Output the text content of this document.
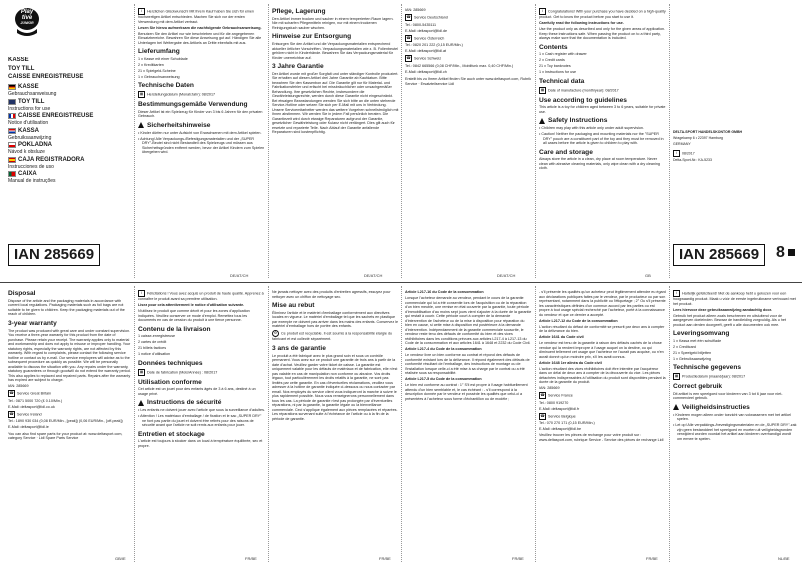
Play
tive
JUNIOR

KASSE

TOY TILL

CAISSE ENREGISTREUSE

KASSE

Gebrauchsanweisung

TOY TILL

Instructions for use

CAISSE ENREGISTREUSE

Notice d'utilisation

KASSA

Gebruiksaanwijzing

POKLADNA

Návod k obsluze

CAJA REGISTRADORA

Instrucciones de uso

CAIXA

Manual de instruções

IAN 285669

i Herzlichen Glückwunsch! Mit Ihrem Kauf haben Sie sich für einen hochwertigen Artikel entschieden. Machen Sie sich vor der ersten Verwendung mit dem Artikel vertraut.

Lesen Sie hierzu aufmerksam die nachfolgende Gebrauchsanweisung.

Benutzen Sie den Artikel nur wie beschrieben und für die angegebenen Einsatzbereiche. Bewahren Sie diese Anweisung gut auf. Händigen Sie alle Unterlagen bei Weitergabe des Artikels an Dritte ebenfalls mit aus.

Lieferumfang

1 x Kasse mit einer Schublade

2 x Kreditkarten

21 x Spielgeld-Scheine

1 x Gebrauchsanweisung

Technische Daten

▦ Herstellungsdatum (Monat/Jahr): 08/2017

Bestimmungsgemäße Verwendung

Dieser Artikel ist ein Spielzeug für Kinder von 3 bis 6 Jahren für den privaten Gebrauch.

Sicherheitshinweise

• Kinder dürfen nur unter Aufsicht von Erwachsenen mit dem Artikel spielen.

• Achtung! Alle Verpackungs-/Befestigungsmaterialien und der „SUPER DRY"-Beutel sind nicht Bestandteil des Spielzeugs und müssen aus Sicherheitsgründen entfernt werden, bevor der Artikel Kindern zum Spielen übergeben wird.

DE/AT/CH
Pflege, Lagerung

Den Artikel immer trocken und sauber in einem temperierten Raum lagern. Nie mit scharfen Pflegemitteln reinigen, nur mit einem trockenen Reinigungstuch sauber wischen.

Hinweise zur Entsorgung

Entsorgen Sie den Artikel und die Verpackungsmaterialien entsprechend aktueller örtlicher Vorschriften. Verpackungsmaterialien wie z. B. Folienbeutel gehören nicht in Kinderhände. Bewahren Sie das Verpackungsmaterial für Kinder unerreichbar auf.

3 Jahre Garantie

Der Artikel wurde mit großer Sorgfalt und unter ständiger Kontrolle produziert. Sie erhalten auf diesen Artikel drei Jahre Garantie ab Kaufdatum. Bitte bewahren Sie den Kassenbon auf. Die Garantie gilt nur für Material- und Fabrikationsfehler und erlischt bei missbräuchlicher oder unsachgemäßer Behandlung. Ihre gesetzlichen Rechte, insbesondere die Gewährleistungsrechte, werden durch diese Garantie nicht eingeschränkt. Bei etwaigen Beanstandungen wenden Sie sich bitte an die unten stehende Service-Hotline oder setzen Sie sich per E-Mail mit uns in Verbindung. Unsere Servicemitarbeiter werden das weitere Vorgehen schnellstmöglich mit Ihnen abstimmen. Wir werden Sie in jedem Fall persönlich beraten. Die Garantiezeit wird durch etwaige Reparaturen aufgrund der Garantie, gesetzlicher Gewährleistung oder Kulanz nicht verlängert. Dies gilt auch für ersetzte und reparierte Teile. Nach Ablauf der Garantie anfallende Reparaturen sind kostenpflichtig.

DE/AT/CH

IAN: 285669

☎ Service Deutschland

Tel.: 0800-5435111

E-Mail: deltasport@lidl.de

☎ Service Österreich

Tel.: 0820 201 222 (0,15 EUR/Min.)

E-Mail: deltasport@lidl.at

☎ Service Schweiz

Tel.: 0842 665566 (0,08 CHF/Min., Mobilfunk max. 0,40 CHF/Min.)

E-Mail: deltasport@lidl.ch

Erstellt bis zu Ihrem Artikel finden Sie auch unter www.deltasport.com, Rubrik Service · Ersatzteilservice Lidl

DE/AT/CH

i Congratulations! With your purchase you have decided on a high-quality product. Get to know the product before you start to use it.

Carefully read the following instructions for use.

Use the product only as described and only for the given areas of application. Keep these instructions safe. When passing the product on to a third party, always make sure that the documentation is included.

Contents

1 x Cash register with drawer

2 x Credit cards

21 x Toy banknotes

1 x Instructions for use

Technical data

▦ Date of manufacture (month/year): 08/2017

Use according to guidelines

This article is a toy for children aged between 3 to 6 years, suitable for private use.

Safety Instructions

• Children may play with this article only under adult supervision.

• Caution! Neither the packaging and mounting materials nor the "SUPER DRY" pouch are a constituent part of the toy and they must be removed in all cases before the article is given to children to play with.

Care and storage

Always store the article in a clean, dry place at room temperature. Never clean with abrasive cleaning materials, only wipe clean with a dry cleaning cloth.

GB

DELTA-SPORT HANDELSKONTOR GMBH

Wragekamp 6 • 22397 Hamburg

GERMANY

i 08/2017

Delta-Sport-Nr.: KA-5233

IAN 285669	8
Disposal

Dispose of the article and the packaging materials in accordance with current local regulations. Packaging materials such as foil bags are not suitable to be given to children. Keep the packaging materials out of the reach of children.

3-year warranty

The product was produced with great care and under constant supervision. You receive a three-year warranty for this product from the date of purchase. Please retain your receipt. The warranty applies only to material and workmanship and does not apply to misuse or improper handling. Your statutory rights, especially the warranty rights, are not affected by this warranty. With regard to complaints, please contact the following service hotline or contact us by e-mail. Our service employees will advise as to the subsequent procedure as quickly as possible. We will be personally available to discuss the situation with you. Any repairs under the warranty, statutory guarantees or through goodwill do not extend the warranty period. This also applies to replaced and repaired parts. Repairs after the warranty has expired are subject to charge.

IAN: 285669

☎ Service Great Britain

Tel.: 0871 5000 720 (£ 0.10/Min.)

E-Mail: deltasport@lidl.co.uk

☎ Service Ireland

Tel.: 1890 930 034 (0,08 EUR/Min., [peak]) (0,06 EUR/Min., [off-peak])

E-Mail: deltasport@lidl.ie

You can also find spare parts for your product at: www.deltasport.com, category Service · Lidl Spare Parts Service

GB/IE

i Félicitations ! Vous avez acquis un produit de haute qualité. Apprenez à connaître le produit avant sa première utilisation.

Lisez pour cela attentivement le notice d'utilisation suivante.

N'utilisez le produit que comme décrit et pour les zones d'application indiquées. Veuillez conserver ce mode d'emploi. Remettez tous les documents en cas de cession du produit à une tierce personne.

Contenu de la livraison

1 caisse-enregistreuse

2 cartes de crédit

21 billets factices

1 notice d'utilisation

Données techniques

▦ Date de fabrication (Mois/Année) : 08/2017

Utilisation conforme

Cet article est un jouet pour des enfants âgés de 3 à 6 ans, destiné à un usage privé.

Instructions de sécurité

• Les enfants ne doivent jouer avec l'article que sous la surveillance d'adultes.

• Attention ! Les matériaux d'emballage / de fixation et le sac „SUPER DRY" ne font pas partie du jouet et doivent être retirés pour des raisons de sécurité avant que l'article ne soit remis aux enfants pour jouer.

Entretien et stockage

L'article est toujours à stocker dans un local à température équilibrée, sec et propre.

FR/BE

Ne jamais nettoyer avec des produits d'entretien agressifs, essuyez pour nettoyer avec un chiffon de nettoyage sec.

Mise au rebut

Éliminez l'article et le matériel d'emballage conformément aux directives locales en vigueur. Le matériel d'emballage tel que les sachets en plastique par exemple ne doivent pas arriver dans les mains des enfants. Conservez le matériel d'emballage hors de portée des enfants.

♻ Ce produit est recyclable. Il est soumis à la responsabilité élargie du fabricant et est collecté séparément.

3 ans de garantie

Le produit a été fabriqué avec le plus grand soin et sous un contrôle permanent. Vous avez sur ce produit une garantie de trois ans à partir de la date d'achat. Veuillez garder votre ticket de caisse. La garantie est uniquement valable pour les défauts de matériaux et de fabrication, elle n'est pas valable en cas de manipulation non conforme ou abusive. Vos droits légaux, tout particulièrement les droits relatifs à la garantie, ne sont pas limités par cette garantie. En cas d'éventuelles réclamations, veuillez vous adresser à la hotline de garantie indiquée ci-dessous ou nous contacter par email. Nos employés du service client vous indiqueront la marche à suivre le plus rapidement possible. Nous vous renseignerons personnellement dans tous les cas. La période de garantie n'est pas prolongée par d'éventuelles réparations, ni par la garantie, la garantie légale ou la bienveillance commerciale. Ceci s'applique également aux pièces remplacées et réparées. Les réparations survenant suite à l'échéance de l'article ou à la fin de la période de garantie.

FR/BE

Article L217-16 du Code de la consommation

Lorsque l'acheteur demande au vendeur, pendant le cours de la garantie commerciale qui lui a été consentie lors de l'acquisition ou de la réparation d'un bien meuble, une remise en état couverte par la garantie, toute période d'immobilisation d'au moins sept jours vient s'ajouter à la durée de la garantie qui restait à courir. Cette période court à compter de la demande d'intervention de l'acheteur ou de la mise à disposition pour réparation du bien en cause, si cette mise à disposition est postérieure à la demande d'intervention. Indépendamment de la garantie commerciale souscrite, le vendeur reste tenu des défauts de conformité du bien et des vices rédhibitoires dans les conditions prévues aux articles L217-4 à L217-13 du Code de la consommation et aux articles 1641 à 1648 et 2232 du Code Civil.

Article L217-4 du Code de la consommation

Le vendeur livre un bien conforme au contrat et répond des défauts de conformité existant lors de la délivrance. Il répond également des défauts de conformité résultant de l'emballage, des instructions de montage ou de l'installation lorsque celle-ci a été mise à sa charge par le contrat ou a été réalisée sous sa responsabilité.

Article L217-5 du Code de la consommation

Le bien est conforme au contrat : 1° S'il est propre à l'usage habituellement attendu d'un bien semblable et, le cas échéant : - s'il correspond à la description donnée par le vendeur et possède les qualités que celui-ci a présentées à l'acheteur sous forme d'échantillon ou de modèle ;

FR/BE

- s'il présente les qualités qu'un acheteur peut légitimement attendre eu égard aux déclarations publiques faites par le vendeur, par le producteur ou par son représentant, notamment dans la publicité ou l'étiquetage ; 2° Ou s'il présente les caractéristiques définies d'un commun accord par les parties ou est propre à tout usage spécial recherché par l'acheteur, porté à la connaissance du vendeur et que ce dernier a accepté.

Article L217-12 du Code de la consommation

L'action résultant du défaut de conformité se prescrit par deux ans à compter de la délivrance du bien.

Article 1641 du Code civil

Le vendeur est tenu de la garantie à raison des défauts cachés de la chose vendue qui la rendent impropre à l'usage auquel on la destine, ou qui diminuent tellement cet usage que l'acheteur ne l'aurait pas acquise, ou n'en aurait donné qu'un moindre prix, s'il les avait connus.

Article 1648 1er alinéa du Code civil

L'action résultant des vices rédhibitoires doit être intentée par l'acquéreur dans un délai de deux ans à compter de la découverte du vice. Les pièces détachées indispensables à l'utilisation du produit sont disponibles pendant la durée de la garantie du produit.

IAN: 285669

☎ Service France

Tel.: 0800 919270

E-Mail: deltasport@lidl.fr

☎ Service Belgique

Tel.: 070 270 171 (0,15 EUR/Min.)

E-Mail: deltasport@lidl.be

Veuillez trouver les pièces de rechange pour votre produit sur : www.deltasport.com, rubrique Service - Service des pièces de rechange Lidl

FR/BE

i Hartelijk gefeliciteerd! Met de aankoop hebt u gekozen voor een hoogwaardig product. Maak u vóór de eerste ingebruikname vertrouwd met het product.

Lees hiervoor deze gebruiksaanwijzing aandachtig door.

Gebruik het product alleen zoals beschreven en uitsluitend voor de aangegeven doeleinden. Bewaar de handleiding zorgvuldig. Als u het product aan derden doorgeeft, geeft u alle documenten ook mee.

Leveringsomvang

1 x Kassa met één schuiflade

2 x Creditcard

21 x Speelgeld biljetten

1 x Gebruiksaanwijzing

Technische gegevens

▦ Productiedatum (maand/jaar): 08/2017

Correct gebruik

Dit artikel is een speelgoed voor kinderen van 3 tot 6 jaar voor niet-commercieel gebruik.

Veiligheidsinstructies

• Kinderen mogen alleen onder toezicht van volwassenen met het artikel spelen.

• Let op! Alle verpakkings-/bevestigingsmaterialen en de „SUPER DRY"-zak zijn geen bestanddeel het speelgoed en moeten uit veiligheidsgronden verwijderd worden voordat het artikel aan kinderen overhandigd wordt om ermee te spelen.

NL/BE
